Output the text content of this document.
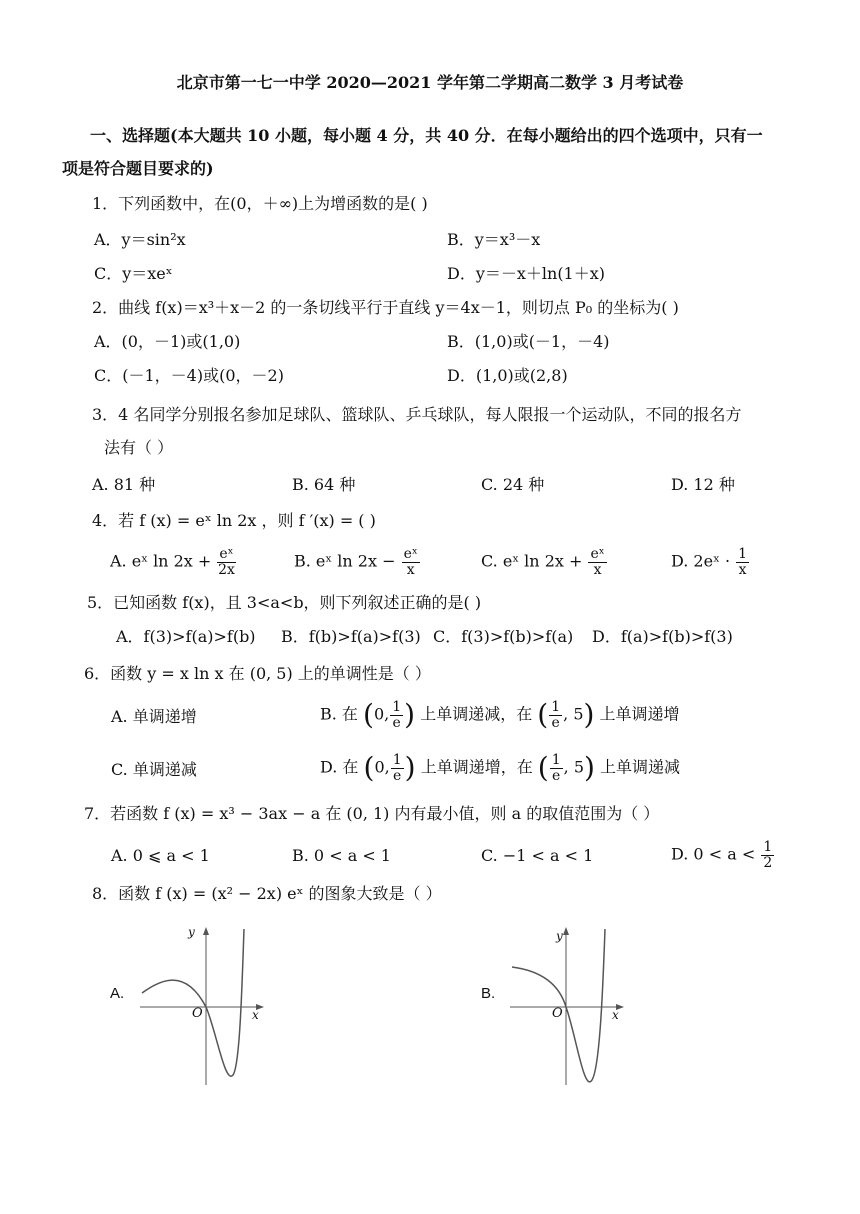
北京市第一七一中学 2020—2021 学年第二学期高二数学 3 月考试卷
一、选择题(本大题共 10 小题，每小题 4 分，共 40 分．在每小题给出的四个选项中，只有一
项是符合题目要求的)
1．下列函数中，在(0，＋∞)上为增函数的是( )
A．y＝sin²x	B．y＝x³－x
C．y＝xeˣ	D．y＝－x＋ln(1＋x)
2．曲线 f(x)＝x³＋x－2 的一条切线平行于直线 y＝4x－1，则切点 P₀ 的坐标为( )
A．(0，－1)或(1,0)	B．(1,0)或(－1，－4)
C．(－1，－4)或(0，－2)	D．(1,0)或(2,8)
3．4 名同学分别报名参加足球队、篮球队、乒乓球队，每人限报一个运动队，不同的报名方
法有（ ）
A. 81 种	B. 64 种	C. 24 种	D. 12 种
4．若 f (x) = eˣ ln 2x ，则 f ′(x) = ( )
A. eˣ $\ln 2x + \frac{\text{eˣ}}{2x}$	B. eˣ $\ln 2x - \frac{\text{eˣ}}{x}$	C. eˣ $\ln 2x + \frac{\text{eˣ}}{x}$	D. 2eˣ · $\frac{1}{x}$
5．已知函数 f(x)，且 3<a<b，则下列叙述正确的是( )
A．f(3)>f(a)>f(b) B．f(b)>f(a)>f(3) C．f(3)>f(b)>f(a) D．f(a)>f(b)>f(3)
6．函数 y = x ln x 在 (0, 5) 上的单调性是（ ）
A. 单调递增	B. 在 (0, $\frac{1}{e}$ ) 上单调递减，在 ( $\frac{1}{e}$ , 5) 上单调递增
C. 单调递减	D. 在 (0, $\frac{1}{e}$ ) 上单调递增，在 ( $\frac{1}{e}$ , 5) 上单调递减
7．若函数 f (x) = x³ − 3ax − a 在 (0, 1) 内有最小值，则 a 的取值范围为（ ）
A. 0 ⩽ a < 1	B. 0 < a < 1	C. −1 < a < 1	D. $0 < a < \frac{1}{2}$
8．函数 f (x) = (x² − 2x) eˣ 的图象大致是（ ）
A.
y
x
O
B.
y
x
O
